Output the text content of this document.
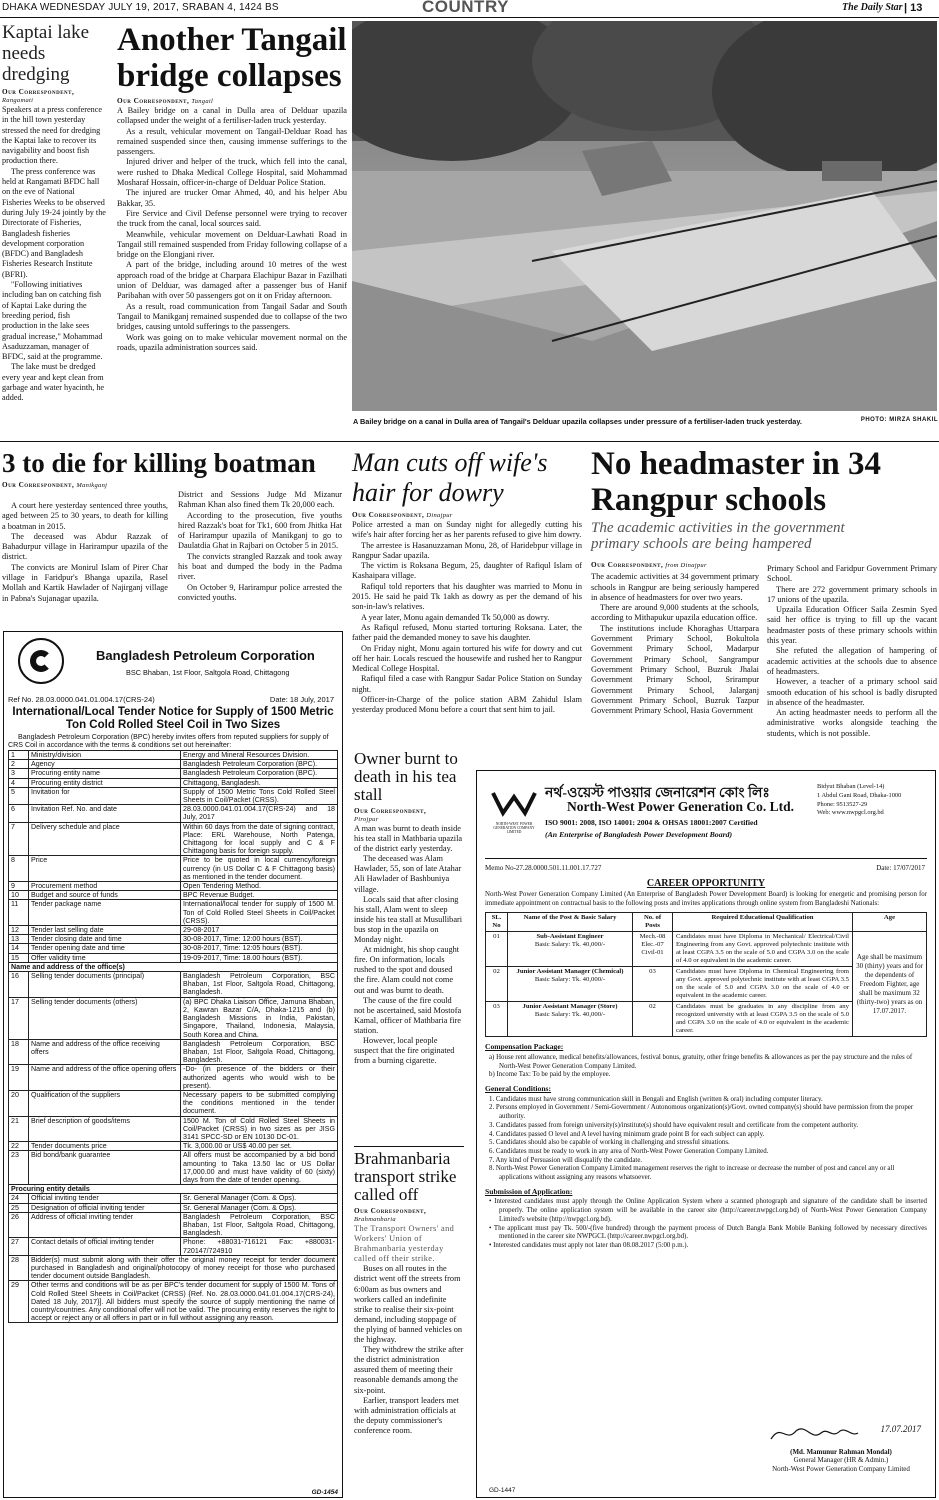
DHAKA WEDNESDAY JULY 19, 2017, SRABAN 4, 1424 BS	COUNTRY	The Daily Star | 13
Kaptai lake needs dredging
Our Correspondent,
Rangamati

Speakers at a press conference in the hill town yesterday stressed the need for dredging the Kaptai lake to recover its navigability and boost fish production there.

The press conference was held at Rangamati BFDC hall on the eve of National Fisheries Weeks to be observed during July 19-24 jointly by the Directorate of Fisheries, Bangladesh fisheries development corporation (BFDC) and Bangladesh Fisheries Research Institute (BFRI).

"Following initiatives including ban on catching fish of Kaptai Lake during the breeding period, fish production in the lake sees gradual increase," Mohammad Asaduzzaman, manager of BFDC, said at the programme.

The lake must be dredged every year and kept clean from garbage and water hyacinth, he added.

Another Tangail bridge collapses
Our Correspondent, Tangail

A Bailey bridge on a canal in Dulla area of Delduar upazila collapsed under the weight of a fertiliser-laden truck yesterday.

As a result, vehicular movement on Tangail-Delduar Road has remained suspended since then, causing immense sufferings to the passengers.

Injured driver and helper of the truck, which fell into the canal, were rushed to Dhaka Medical College Hospital, said Mohammad Mosharaf Hossain, officer-in-charge of Delduar Police Station.

The injured are trucker Omar Ahmed, 40, and his helper Abu Bakkar, 35.

Fire Service and Civil Defense personnel were trying to recover the truck from the canal, local sources said.

Meanwhile, vehicular movement on Delduar-Lawhati Road in Tangail still remained suspended from Friday following collapse of a bridge on the Elongjani river.

A part of the bridge, including around 10 metres of the west approach road of the bridge at Charpara Elachipur Bazar in Fazilhati union of Delduar, was damaged after a passenger bus of Hanif Paribahan with over 50 passengers got on it on Friday afternoon.

As a result, road communication from Tangail Sadar and South Tangail to Manikganj remained suspended due to collapse of the two bridges, causing untold sufferings to the passengers.

Work was going on to make vehicular movement normal on the roads, upazila administration sources said.

A Bailey bridge on a canal in Dulla area of Tangail's Delduar upazila collapses under pressure of a fertiliser-laden truck yesterday.	PHOTO: MIRZA SHAKIL
3 to die for killing boatman
Our Correspondent, Manikganj

A court here yesterday sentenced three youths, aged between 25 to 30 years, to death for killing a boatman in 2015.

The deceased was Abdur Razzak of Bahadurpur village in Harirampur upazila of the district.

The convicts are Monirul Islam of Pirer Char village in Faridpur's Bhanga upazila, Rasel Mollah and Kartik Hawlader of Najirganj village in Pabna's Sujanagar upazila.

District and Sessions Judge Md Mizanur Rahman Khan also fined them Tk 20,000 each.

According to the prosecution, five youths hired Razzak's boat for Tk1, 600 from Jhitka Hat of Harirampur upazila of Manikganj to go to Daulatdia Ghat in Rajbari on October 5 in 2015.

The convicts strangled Razzak and took away his boat and dumped the body in the Padma river.

On October 9, Harirampur police arrested the convicted youths.

Man cuts off wife's hair for dowry
Our Correspondent, Dinajpur

Police arrested a man on Sunday night for allegedly cutting his wife's hair after forcing her as her parents refused to give him dowry.

The arrestee is Hasanuzzaman Monu, 28, of Haridebpur village in Rangpur Sadar upazila.

The victim is Roksana Begum, 25, daughter of Rafiqul Islam of Kashaipara village.

Rafiqul told reporters that his daughter was married to Monu in 2015. He said he paid Tk 1akh as dowry as per the demand of his son-in-law's relatives.

A year later, Monu again demanded Tk 50,000 as dowry.

As Rafiqul refused, Monu started torturing Roksana. Later, the father paid the demanded money to save his daughter.

On Friday night, Monu again tortured his wife for dowry and cut off her hair. Locals rescued the housewife and rushed her to Rangpur Medical College Hospital.

Rafiqul filed a case with Rangpur Sadar Police Station on Sunday night.

Officer-in-Charge of the police station ABM Zahidul Islam yesterday produced Monu before a court that sent him to jail.

No headmaster in 34 Rangpur schools
The academic activities in the government primary schools are being hampered
Our Correspondent, from Dinajpur

The academic activities at 34 government primary schools in Rangpur are being seriously hampered in absence of headmasters for over two years.

There are around 9,000 students at the schools, according to Mithapukur upazila education office.

The institutions include Khoraghas Uttarpara Government Primary School, Bokultola Government Primary School, Madarpur Government Primary School, Sangrampur Government Primary School, Buzruk Jhalai Government Primary School, Srirampur Government Primary School, Jalarganj Government Primary School, Buzruk Tazpur Government Primary School, Hasia Government

Primary School and Faridpur Government Primary School.

There are 272 government primary schools in 17 unions of the upazila.

Upzaila Education Officer Saila Zesmin Syed said her office is trying to fill up the vacant headmaster posts of these primary schools within this year.

She refuted the allegation of hampering of academic activities at the schools due to absence of headmasters.

However, a teacher of a primary school said smooth education of his school is badly disrupted in absence of the headmaster.

An acting headmaster needs to perform all the administrative works alongside teaching the students, which is not possible.

Owner burnt to death in his tea stall
Our Correspondent,
Pirojpur

A man was burnt to death inside his tea stall in Mathbaria upazila of the district early yesterday.

The deceased was Alam Hawlader, 55, son of late Atahar Ali Hawlader of Bashbuniya village.

Locals said that after closing his stall, Alam went to sleep inside his tea stall at Musullibari bus stop in the upazila on Monday night.

At midnight, his shop caught fire. On information, locals rushed to the spot and doused the fire. Alam could not come out and was burnt to death.

The cause of the fire could not be ascertained, said Mostofa Kamal, officer of Mathbaria fire station.

However, local people suspect that the fire originated from a burning cigarette.

Brahmanbaria transport strike called off
Our Correspondent,
Brahmanbaria

The Transport Owners' and Workers' Union of Brahmanbaria yesterday called off their strike.

Buses on all routes in the district went off the streets from 6:00am as bus owners and workers called an indefinite strike to realise their six-point demand, including stoppage of the plying of banned vehicles on the highway.

They withdrew the strike after the district administration assured them of meeting their reasonable demands among the six-point.

Earlier, transport leaders met with administration officials at the deputy commissioner's conference room.

Bangladesh Petroleum Corporation
BSC Bhaban, 1st Floor, Saltgola Road, Chittagong
Ref No. 28.03.0000.041.01.004.17(CRS-24)	Date: 18 July, 2017
International/Local Tender Notice for Supply of 1500 Metric Ton Cold Rolled Steel Coil in Two Sizes
Bangladesh Petroleum Corporation (BPC) hereby invites offers from reputed suppliers for supply of CRS Coil in accordance with the terms & conditions set out hereinafter:
1	Ministry/division	Energy and Mineral Resources Division.
2	Agency	Bangladesh Petroleum Corporation (BPC).
3	Procuring entity name	Bangladesh Petroleum Corporation (BPC).
4	Procuring entity district	Chittagong, Bangladesh.
5	Invitation for	Supply of 1500 Metric Tons Cold Rolled Steel Sheets in Coil/Packet (CRSS).
6	Invitation Ref. No. and date	28.03.0000.041.01.004.17(CRS-24) and 18 July, 2017
7	Delivery schedule and place	Within 60 days from the date of signing contract, Place: ERL Warehouse, North Patenga, Chittagong for local supply and C & F Chittagong basis for foreign supply.
8	Price	Price to be quoted in local currency/foreign currency (in US Dollar C & F Chittagong basis) as mentioned in the tender document.
9	Procurement method	Open Tendering Method.
10	Budget and source of funds	BPC Revenue Budget.
11	Tender package name	International/local tender for supply of 1500 M. Ton of Cold Rolled Steel Sheets in Coil/Packet (CRSS).
12	Tender last selling date	29-08-2017
13	Tender closing date and time	30-08-2017, Time: 12:00 hours (BST).
14	Tender opening date and time	30-08-2017, Time: 12:05 hours (BST).
15	Offer validity time	19-09-2017, Time: 18.00 hours (BST).
Name and address of the office(s)		
16	Selling tender documents (principal)	Bangladesh Petroleum Corporation, BSC Bhaban, 1st Floor, Saltgola Road, Chittagong, Bangladesh.
17	Selling tender documents (others)	(a) BPC Dhaka Liaison Office, Jamuna Bhaban, 2, Kawran Bazar C/A, Dhaka-1215 and (b) Bangladesh Missions in India, Pakistan, Singapore, Thailand, Indonesia, Malaysia, South Korea and China.
18	Name and address of the office receiving offers	Bangladesh Petroleum Corporation, BSC Bhaban, 1st Floor, Saltgola Road, Chittagong, Bangladesh.
19	Name and address of the office opening offers	-Do- (in presence of the bidders or their authorized agents who would wish to be present).
20	Qualification of the suppliers	Necessary papers to be submitted complying the conditions mentioned in the tender document.
21	Brief description of goods/items	1500 M. Ton of Cold Rolled Steel Sheets in Coil/Packet (CRSS) in two sizes as per JISG 3141 SPCC-SD or EN 10130 DC-01.
22	Tender documents price	Tk. 3,000.00 or US$ 40.00 per set.
23	Bid bond/bank guarantee	All offers must be accompanied by a bid bond amounting to Taka 13.50 lac or US Dollar 17,000.00 and must have validity of 60 (sixty) days from the date of tender opening.
Procuring entity details		
24	Official inviting tender	Sr. General Manager (Com. & Ops).
25	Designation of official inviting tender	Sr. General Manager (Com. & Ops).
26	Address of official inviting tender	Bangladesh Petroleum Corporation, BSC Bhaban, 1st Floor, Saltgola Road, Chittagong, Bangladesh.
27	Contact details of official inviting tender	Phone: +88031-716121 Fax: +880031-720147/724910
28	Bidder(s) must submit along with their offer the original money receipt for tender document purchased in Bangladesh and original/photocopy of money receipt for those who purchased tender document outside Bangladesh.	
29	Other terms and conditions will be as per BPC's tender document for supply of 1500 M. Tons of Cold Rolled Steel Sheets in Coil/Packet (CRSS) {Ref. No. 28.03.0000.041.01.004.17(CRS-24), Dated 18 July, 2017}]. All bidders must specify the source of supply mentioning the name of country/countries. Any conditional offer will not be valid. The procuring entity reserves the right to accept or reject any or all offers in part or in full without assigning any reason.	
GD-1454
NORTH-WEST POWER GENERATION COMPANY LIMITED
নর্থ-ওয়েস্ট পাওয়ার জেনারেশন কোং লিঃ
North-West Power Generation Co. Ltd.
ISO 9001: 2008, ISO 14001: 2004 & OHSAS 18001:2007 Certified
(An Enterprise of Bangladesh Power Development Board)
Bidyut Bhaban (Level-14)
1 Abdul Gani Road, Dhaka-1000
Phone: 9513527-29
Web: www.nwpgcl.org.bd
Memo No-27.28.0000.501.11.001.17.727	Date: 17/07/2017
CAREER OPPORTUNITY
North-West Power Generation Company Limited (An Enterprise of Bangladesh Power Development Board) is looking for energetic and promising person for immediate appointment on contractual basis to the following posts and invites applications through online system from Bangladeshi Nationals:
SL. No	Name of the Post & Basic Salary	No. of Posts	Required Educational Qualification	Age
01	Sub-Assistant Engineer
Basic Salary: Tk. 40,000/-	Mech.-08 Elec.-07 Civil-01	Candidates must have Diploma in Mechanical/ Electrical/Civil Engineering from any Govt. approved polytechnic institute with at least CGPA 3.5 on the scale of 5.0 and CGPA 3.0 on the scale of 4.0 or equivalent in the academic career.	Age shall be maximum 30 (thirty) years and for the dependents of Freedom Fighter, age shall be maximum 32 (thirty-two) years as on 17.07.2017.
02	Junior Assistant Manager (Chemical)
Basic Salary: Tk. 40,000/-	03	Candidates must have Diploma in Chemical Engineering from any Govt. approved polytechnic institute with at least CGPA 3.5 on the scale of 5.0 and CGPA 3.0 on the scale of 4.0 or equivalent in the academic career.	
03	Junior Assistant Manager (Store)
Basic Salary: Tk. 40,000/-	02	Candidates must be graduates in any discipline from any recognized university with at least CGPA 3.5 on the scale of 5.0 and CGPA 3.0 on the scale of 4.0 or equivalent in the academic career.	
Compensation Package:
a) House rent allowance, medical benefits/allowances, festival bonus, gratuity, other fringe benefits & allowances as per the pay structure and the rules of North-West Power Generation Company Limited.
b) Income Tax: To be paid by the employee.
General Conditions:
1. Candidates must have strong communication skill in Bengali and English (written & oral) including computer literacy.
2. Persons employed in Government / Semi-Government / Autonomous organization(s)/Govt. owned company(s) should have permission from the proper authority.
3. Candidates passed from foreign university(s)/institute(s) should have equivalent result and certificate from the competent authority.
4. Candidates passed O level and A level having minimum grade point B for each subject can apply.
5. Candidates should also be capable of working in challenging and stressful situations.
6. Candidates must be ready to work in any area of North-West Power Generation Company Limited.
7. Any kind of Persuasion will disqualify the candidate.
8. North-West Power Generation Company Limited management reserves the right to increase or decrease the number of post and cancel any or all applications without assigning any reasons whatsoever.
Submission of Application:
• Interested candidates must apply through the Online Application System where a scanned photograph and signature of the candidate shall be inserted properly. The online application system will be available in the career site (http://career.nwpgcl.org.bd) of North-West Power Generation Company Limited's website (http://nwpgcl.org.bd).
• The applicant must pay Tk. 500/-(five hundred) through the payment process of Dutch Bangla Bank Mobile Banking followed by necessary directives mentioned in the career site NWPGCL (http://career.nwpgcl.org.bd).
• Interested candidates must apply not later than 08.08.2017 (5:00 p.m.).
17.07.2017
(Md. Mamunur Rahman Mondal)
General Manager (HR & Admin.)
North-West Power Generation Company Limited
GD-1447
